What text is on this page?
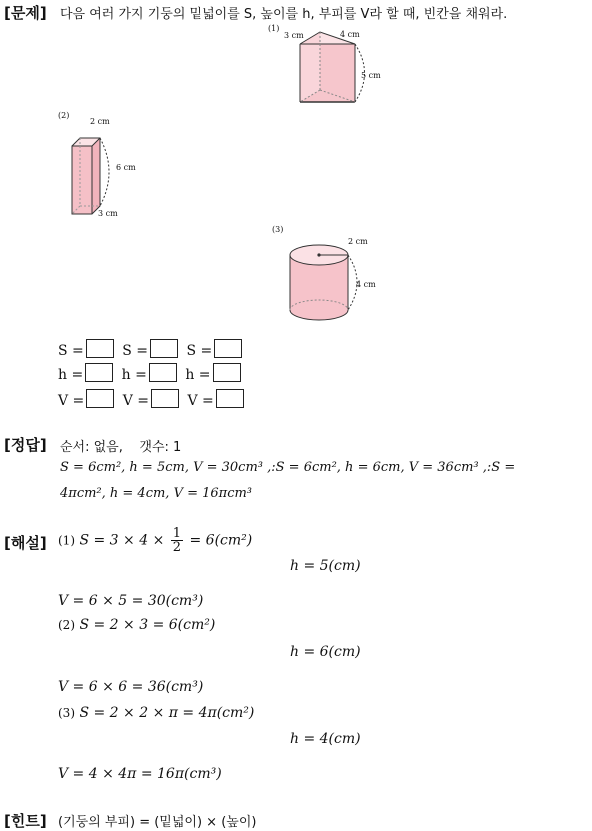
[문제] 다음 여러 가지 기둥의 밑넓이를 S, 높이를 h, 부피를 V라 할 때, 빈칸을 채워라.
(1)
3 cm	4 cm
5 cm
(2)
2 cm
6 cm
3 cm
(3)
2 cm
4 cm
S =	S =	S =
h =	h =	h =
V =	V =	V =
[정답] 순서: 없음,    갯수: 1
S = 6cm², h = 5cm, V = 30cm³ ,:S = 6cm², h = 6cm, V = 36cm³ ,:S =
4πcm², h = 4cm, V = 16πcm³
[해설] (1) $S = 3 \times 4 \times \frac{1}{2} = 6(cm^2)$
h = 5(cm)
V = 6 × 5 = 30(cm³)
(2) S = 2 × 3 = 6(cm²)
h = 6(cm)
V = 6 × 6 = 36(cm³)
(3) S = 2 × 2 × π = 4π(cm²)
h = 4(cm)
V = 4 × 4π = 16π(cm³)
[힌트] (기둥의 부피) = (밑넓이) × (높이)
